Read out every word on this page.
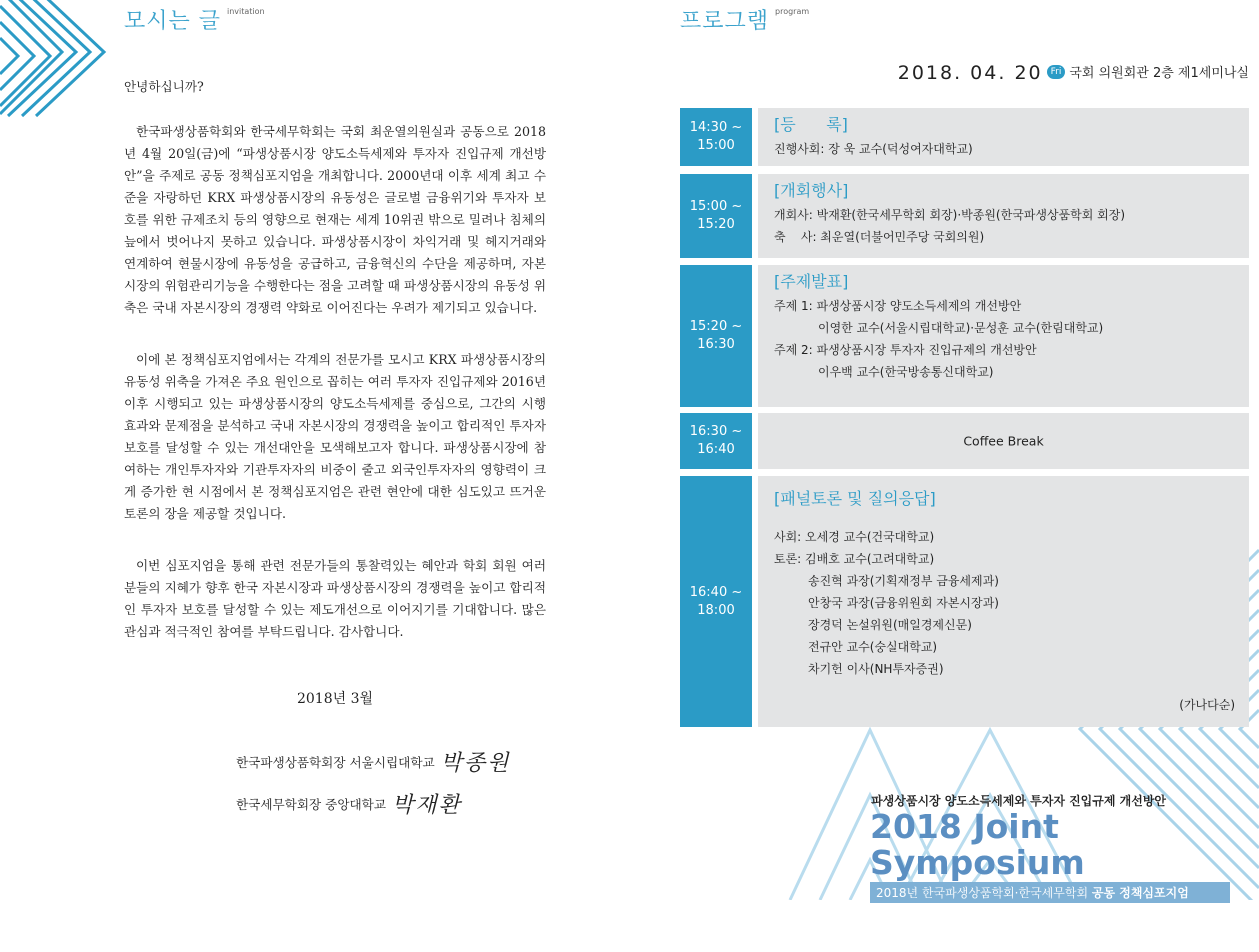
모시는 글 $^{invitation}$
안녕하십니까?
한국파생상품학회와 한국세무학회는 국회 최운열의원실과 공동으로 2018년 4월 20일(금)에 “파생상품시장 양도소득세제와 투자자 진입규제 개선방안”을 주제로 공동 정책심포지엄을 개최합니다. 2000년대 이후 세계 최고 수준을 자랑하던 KRX 파생상품시장의 유동성은 글로벌 금융위기와 투자자 보호를 위한 규제조치 등의 영향으로 현재는 세계 10위권 밖으로 밀려나 침체의 늪에서 벗어나지 못하고 있습니다. 파생상품시장이 차익거래 및 헤지거래와 연계하여 현물시장에 유동성을 공급하고, 금융혁신의 수단을 제공하며, 자본시장의 위험관리기능을 수행한다는 점을 고려할 때 파생상품시장의 유동성 위축은 국내 자본시장의 경쟁력 약화로 이어진다는 우려가 제기되고 있습니다.
이에 본 정책심포지엄에서는 각계의 전문가를 모시고 KRX 파생상품시장의 유동성 위축을 가져온 주요 원인으로 꼽히는 여러 투자자 진입규제와 2016년 이후 시행되고 있는 파생상품시장의 양도소득세제를 중심으로, 그간의 시행 효과와 문제점을 분석하고 국내 자본시장의 경쟁력을 높이고 합리적인 투자자 보호를 달성할 수 있는 개선대안을 모색해보고자 합니다. 파생상품시장에 참여하는 개인투자자와 기관투자자의 비중이 줄고 외국인투자자의 영향력이 크게 증가한 현 시점에서 본 정책심포지엄은 관련 현안에 대한 심도있고 뜨거운 토론의 장을 제공할 것입니다.
이번 심포지엄을 통해 관련 전문가들의 통찰력있는 혜안과 학회 회원 여러분들의 지혜가 향후 한국 자본시장과 파생상품시장의 경쟁력을 높이고 합리적인 투자자 보호를 달성할 수 있는 제도개선으로 이어지기를 기대합니다. 많은 관심과 적극적인 참여를 부탁드립니다. 감사합니다.
2018년 3월
한국파생상품학회장 서울시립대학교 박종원
한국세무학회장 중앙대학교 박재환
프로그램 $^{program}$
2018. 04. 20 Fri 국회 의원회관 2층 제1세미나실
14:30 ~
15:00
[등      록]
진행사회: 장 욱 교수(덕성여자대학교)
15:00 ~
15:20
[개회행사]
개회사: 박재환(한국세무학회 회장)·박종원(한국파생상품학회 회장)
축    사: 최운열(더불어민주당 국회의원)
15:20 ~
16:30
[주제발표]
주제 1: 파생상품시장 양도소득세제의 개선방안
이영한 교수(서울시립대학교)·문성훈 교수(한림대학교)
주제 2: 파생상품시장 투자자 진입규제의 개선방안
이우백 교수(한국방송통신대학교)
16:30 ~
16:40
Coffee Break
16:40 ~
18:00
[패널토론 및 질의응답]
사회: 오세경 교수(건국대학교)
토론: 김배호 교수(고려대학교)
송진혁 과장(기획재정부 금융세제과)
안창국 과장(금융위원회 자본시장과)
장경덕 논설위원(매일경제신문)
전규안 교수(숭실대학교)
차기헌 이사(NH투자증권)
(가나다순)
파생상품시장 양도소득세제와 투자자 진입규제 개선방안
2018 Joint Symposium
2018년 한국파생상품학회·한국세무학회 공동 정책심포지엄
